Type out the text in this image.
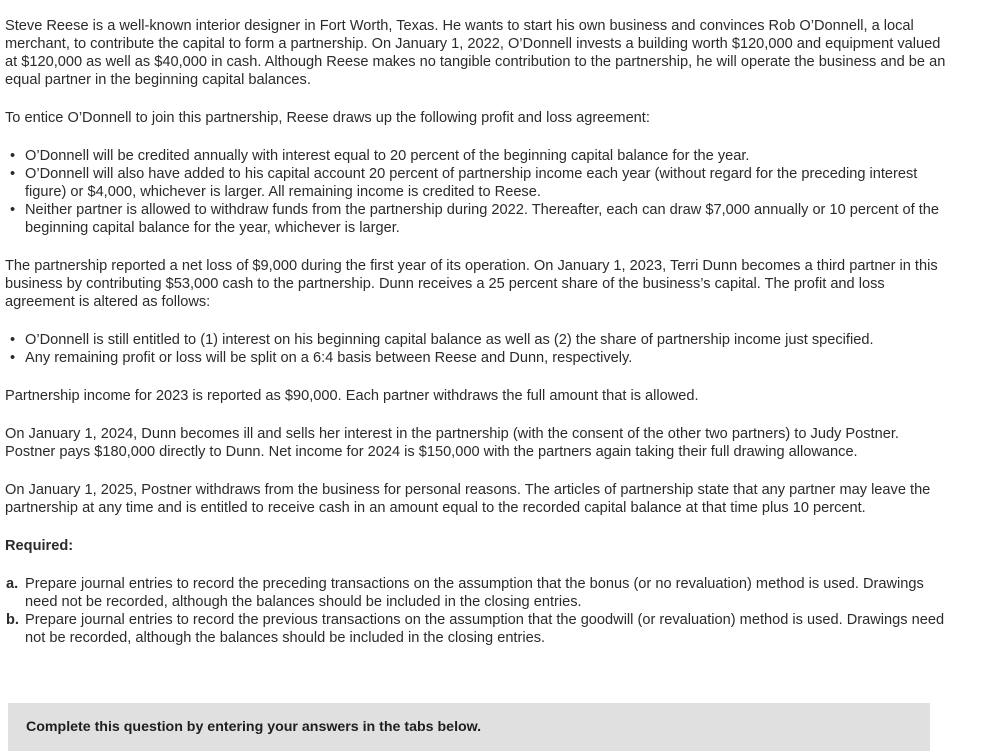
Steve Reese is a well-known interior designer in Fort Worth, Texas. He wants to start his own business and convinces Rob O’Donnell, a local merchant, to contribute the capital to form a partnership. On January 1, 2022, O’Donnell invests a building worth $120,000 and equipment valued at $120,000 as well as $40,000 in cash. Although Reese makes no tangible contribution to the partnership, he will operate the business and be an equal partner in the beginning capital balances.

To entice O’Donnell to join this partnership, Reese draws up the following profit and loss agreement:

• O’Donnell will be credited annually with interest equal to 20 percent of the beginning capital balance for the year.
• O’Donnell will also have added to his capital account 20 percent of partnership income each year (without regard for the preceding interest figure) or $4,000, whichever is larger. All remaining income is credited to Reese.
• Neither partner is allowed to withdraw funds from the partnership during 2022. Thereafter, each can draw $7,000 annually or 10 percent of the beginning capital balance for the year, whichever is larger.

The partnership reported a net loss of $9,000 during the first year of its operation. On January 1, 2023, Terri Dunn becomes a third partner in this business by contributing $53,000 cash to the partnership. Dunn receives a 25 percent share of the business’s capital. The profit and loss agreement is altered as follows:

• O’Donnell is still entitled to (1) interest on his beginning capital balance as well as (2) the share of partnership income just specified.
• Any remaining profit or loss will be split on a 6:4 basis between Reese and Dunn, respectively.

Partnership income for 2023 is reported as $90,000. Each partner withdraws the full amount that is allowed.

On January 1, 2024, Dunn becomes ill and sells her interest in the partnership (with the consent of the other two partners) to Judy Postner. Postner pays $180,000 directly to Dunn. Net income for 2024 is $150,000 with the partners again taking their full drawing allowance.

On January 1, 2025, Postner withdraws from the business for personal reasons. The articles of partnership state that any partner may leave the partnership at any time and is entitled to receive cash in an amount equal to the recorded capital balance at that time plus 10 percent.

Required:
a. Prepare journal entries to record the preceding transactions on the assumption that the bonus (or no revaluation) method is used. Drawings need not be recorded, although the balances should be included in the closing entries.
b. Prepare journal entries to record the previous transactions on the assumption that the goodwill (or revaluation) method is used. Drawings need not be recorded, although the balances should be included in the closing entries.
Complete this question by entering your answers in the tabs below.
